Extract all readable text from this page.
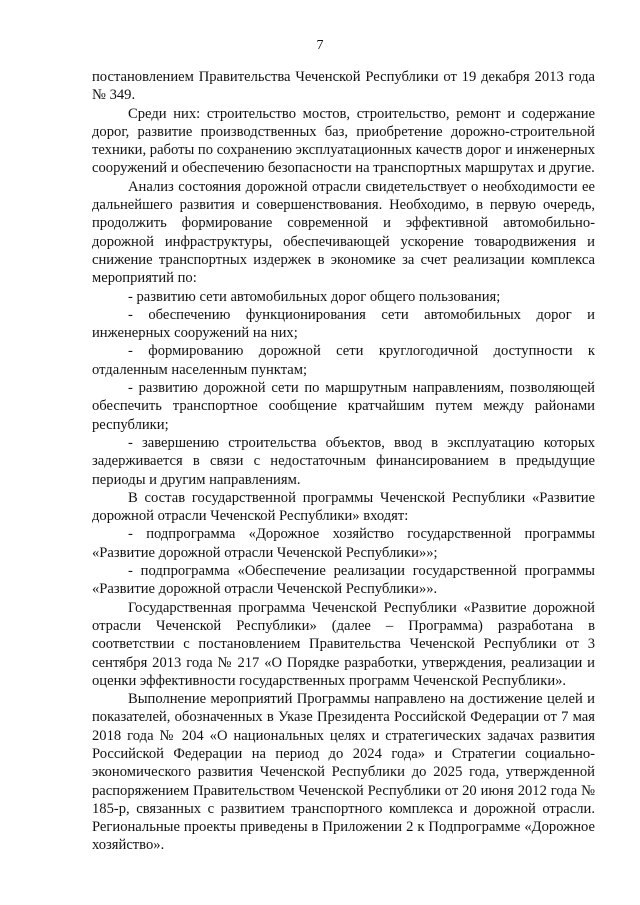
7

постановлением Правительства Чеченской Республики от 19 декабря 2013 года № 349.

Среди них: строительство мостов, строительство, ремонт и содержание дорог, развитие производственных баз, приобретение дорожно-строительной техники, работы по сохранению эксплуатационных качеств дорог и инженерных сооружений и обеспечению безопасности на транспортных маршрутах и другие.

Анализ состояния дорожной отрасли свидетельствует о необходимости ее дальнейшего развития и совершенствования. Необходимо, в первую очередь, продолжить формирование современной и эффективной автомобильно-дорожной инфраструктуры, обеспечивающей ускорение товародвижения и снижение транспортных издержек в экономике за счет реализации комплекса мероприятий по:

- развитию сети автомобильных дорог общего пользования;

- обеспечению функционирования сети автомобильных дорог и инженерных сооружений на них;

- формированию дорожной сети круглогодичной доступности к отдаленным населенным пунктам;

- развитию дорожной сети по маршрутным направлениям, позволяющей обеспечить транспортное сообщение кратчайшим путем между районами республики;

- завершению строительства объектов, ввод в эксплуатацию которых задерживается в связи с недостаточным финансированием в предыдущие периоды и другим направлениям.

В состав государственной программы Чеченской Республики «Развитие дорожной отрасли Чеченской Республики» входят:

- подпрограмма «Дорожное хозяйство государственной программы «Развитие дорожной отрасли Чеченской Республики»»;

- подпрограмма «Обеспечение реализации государственной программы «Развитие дорожной отрасли Чеченской Республики»».

Государственная программа Чеченской Республики «Развитие дорожной отрасли Чеченской Республики» (далее – Программа) разработана в соответствии с постановлением Правительства Чеченской Республики от 3 сентября 2013 года № 217 «О Порядке разработки, утверждения, реализации и оценки эффективности государственных программ Чеченской Республики».

Выполнение мероприятий Программы направлено на достижение целей и показателей, обозначенных в Указе Президента Российской Федерации от 7 мая 2018 года № 204 «О национальных целях и стратегических задачах развития Российской Федерации на период до 2024 года» и Стратегии социально-экономического развития Чеченской Республики до 2025 года, утвержденной распоряжением Правительством Чеченской Республики от 20 июня 2012 года № 185-р, связанных с развитием транспортного комплекса и дорожной отрасли. Региональные проекты приведены в Приложении 2 к Подпрограмме «Дорожное хозяйство».
